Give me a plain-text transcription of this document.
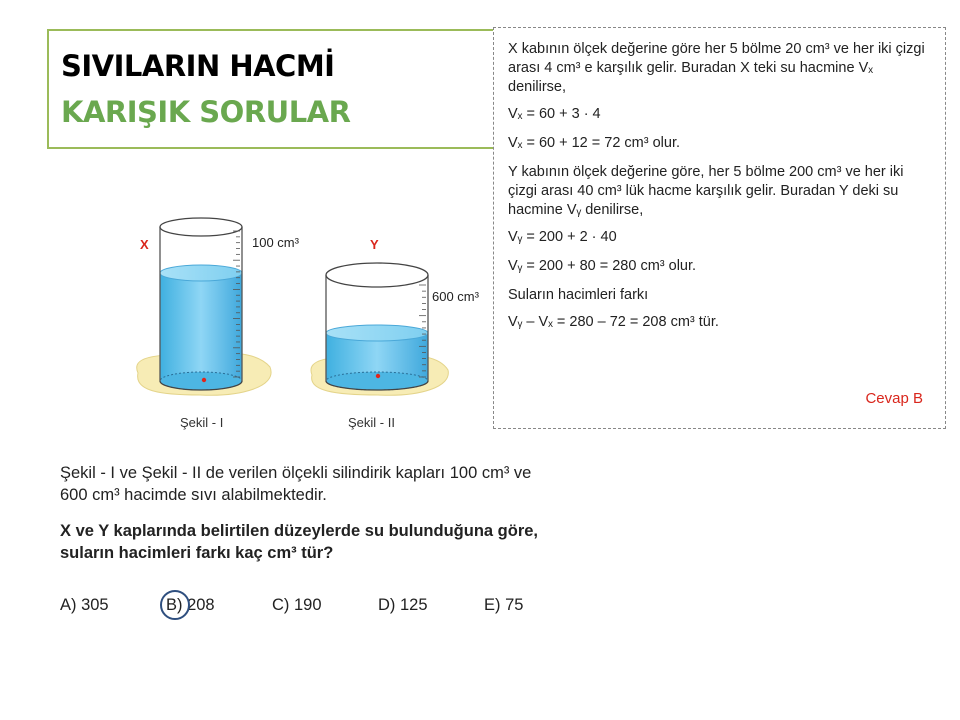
SIVILARIN HACMİ
KARIŞIK SORULAR
X	Y
100 cm³
600 cm³
Şekil - I	Şekil - II

X kabının ölçek değerine göre her 5 bölme 20 cm³ ve her iki çizgi arası 4 cm³ e karşılık gelir. Buradan X teki su hacmine Vₓ denilirse,

Vₓ = 60 + 3 · 4

Vₓ = 60 + 12 = 72 cm³ olur.

Y kabının ölçek değerine göre, her 5 bölme 200 cm³ ve her iki çizgi arası 40 cm³ lük hacme karşılık gelir. Buradan Y deki su hacmine Vᵧ denilirse,

Vᵧ = 200 + 2 · 40

Vᵧ = 200 + 80 = 280 cm³ olur.

Suların hacimleri farkı

Vᵧ – Vₓ = 280 – 72 = 208 cm³ tür.

Cevap B

Şekil - I ve Şekil - II de verilen ölçekli silindirik kapları 100 cm³ ve 600 cm³ hacimde sıvı alabilmektedir.

X ve Y kaplarında belirtilen düzeylerde su bulunduğuna göre, suların hacimleri farkı kaç cm³ tür?

A) 305	B) 208	C) 190	D) 125	E) 75
